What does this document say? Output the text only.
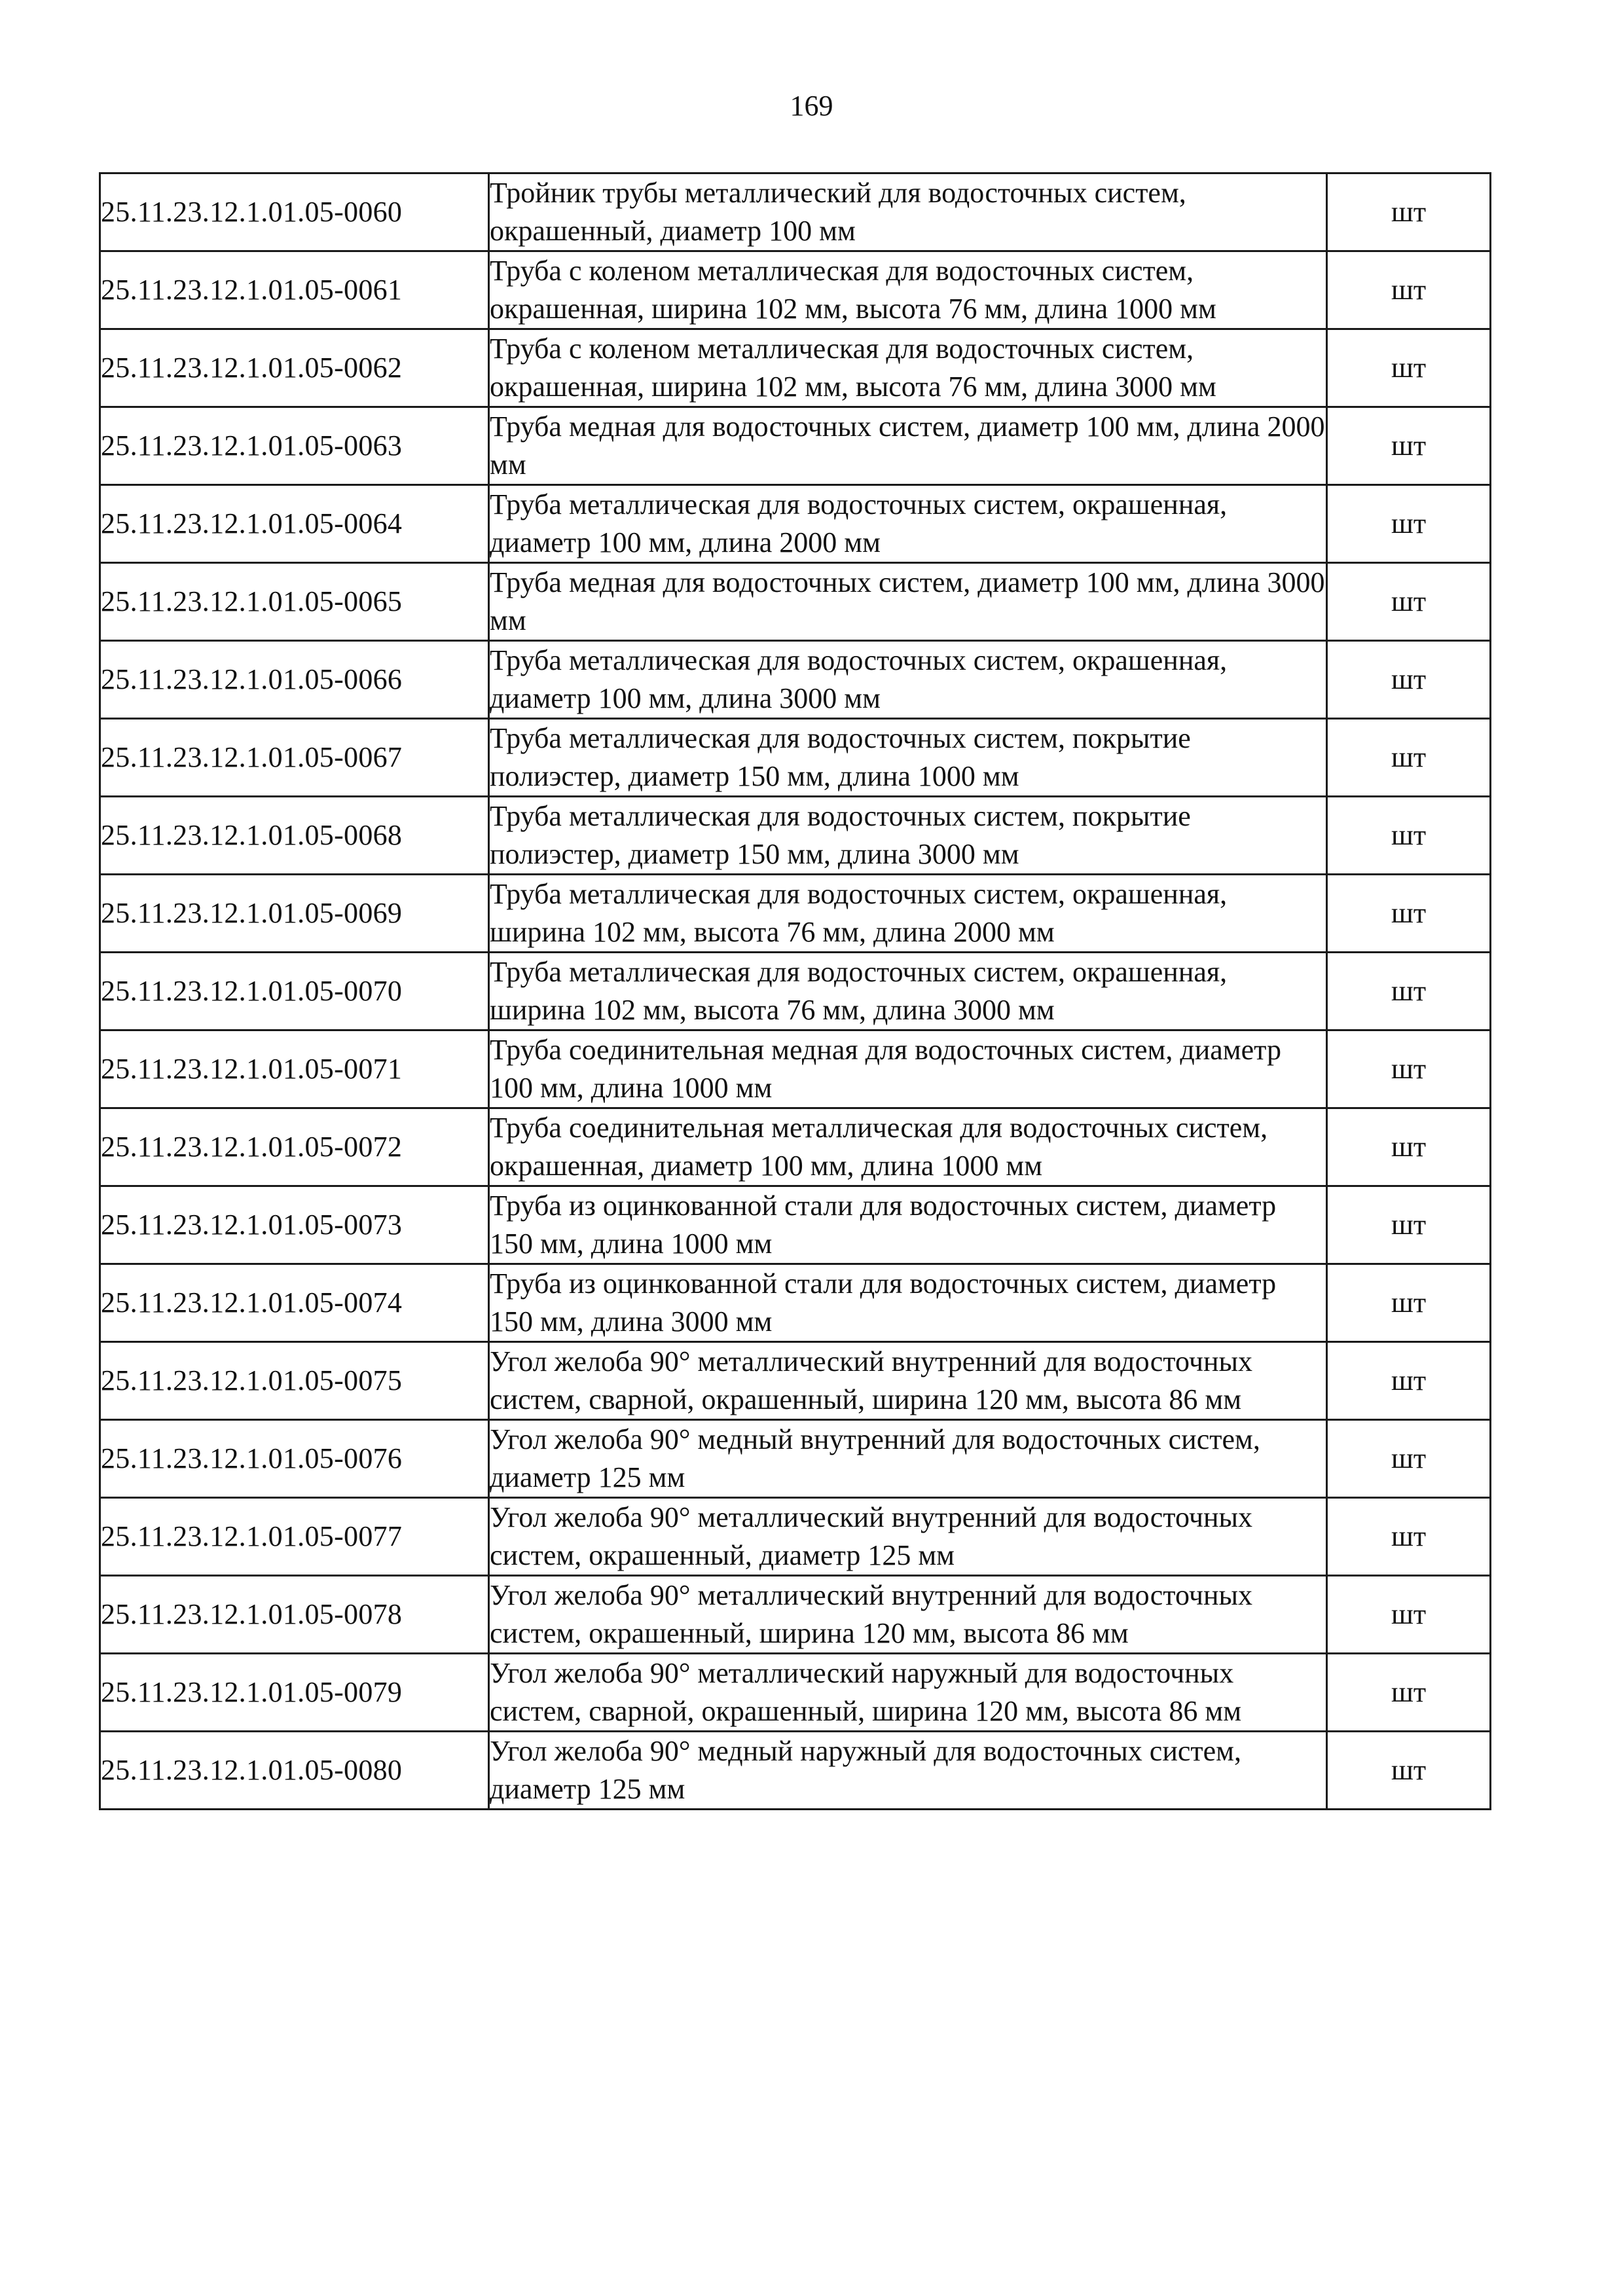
169
25.11.23.12.1.01.05-0060	Тройник трубы металлический для водосточных систем, окрашенный, диаметр 100 мм	шт
25.11.23.12.1.01.05-0061	Труба с коленом металлическая для водосточных систем, окрашенная, ширина 102 мм, высота 76 мм, длина 1000 мм	шт
25.11.23.12.1.01.05-0062	Труба с коленом металлическая для водосточных систем, окрашенная, ширина 102 мм, высота 76 мм, длина 3000 мм	шт
25.11.23.12.1.01.05-0063	Труба медная для водосточных систем, диаметр 100 мм, длина 2000 мм	шт
25.11.23.12.1.01.05-0064	Труба металлическая для водосточных систем, окрашенная, диаметр 100 мм, длина 2000 мм	шт
25.11.23.12.1.01.05-0065	Труба медная для водосточных систем, диаметр 100 мм, длина 3000 мм	шт
25.11.23.12.1.01.05-0066	Труба металлическая для водосточных систем, окрашенная, диаметр 100 мм, длина 3000 мм	шт
25.11.23.12.1.01.05-0067	Труба металлическая для водосточных систем, покрытие полиэстер, диаметр 150 мм, длина 1000 мм	шт
25.11.23.12.1.01.05-0068	Труба металлическая для водосточных систем, покрытие полиэстер, диаметр 150 мм, длина 3000 мм	шт
25.11.23.12.1.01.05-0069	Труба металлическая для водосточных систем, окрашенная, ширина 102 мм, высота 76 мм, длина 2000 мм	шт
25.11.23.12.1.01.05-0070	Труба металлическая для водосточных систем, окрашенная, ширина 102 мм, высота 76 мм, длина 3000 мм	шт
25.11.23.12.1.01.05-0071	Труба соединительная медная для водосточных систем, диаметр 100 мм, длина 1000 мм	шт
25.11.23.12.1.01.05-0072	Труба соединительная металлическая для водосточных систем, окрашенная, диаметр 100 мм, длина 1000 мм	шт
25.11.23.12.1.01.05-0073	Труба из оцинкованной стали для водосточных систем, диаметр 150 мм, длина 1000 мм	шт
25.11.23.12.1.01.05-0074	Труба из оцинкованной стали для водосточных систем, диаметр 150 мм, длина 3000 мм	шт
25.11.23.12.1.01.05-0075	Угол желоба 90° металлический внутренний для водосточных систем, сварной, окрашенный, ширина 120 мм, высота 86 мм	шт
25.11.23.12.1.01.05-0076	Угол желоба 90° медный внутренний для водосточных систем, диаметр 125 мм	шт
25.11.23.12.1.01.05-0077	Угол желоба 90° металлический внутренний для водосточных систем, окрашенный, диаметр 125 мм	шт
25.11.23.12.1.01.05-0078	Угол желоба 90° металлический внутренний для водосточных систем, окрашенный, ширина 120 мм, высота 86 мм	шт
25.11.23.12.1.01.05-0079	Угол желоба 90° металлический наружный для водосточных систем, сварной, окрашенный, ширина 120 мм, высота 86 мм	шт
25.11.23.12.1.01.05-0080	Угол желоба 90° медный наружный для водосточных систем, диаметр 125 мм	шт
